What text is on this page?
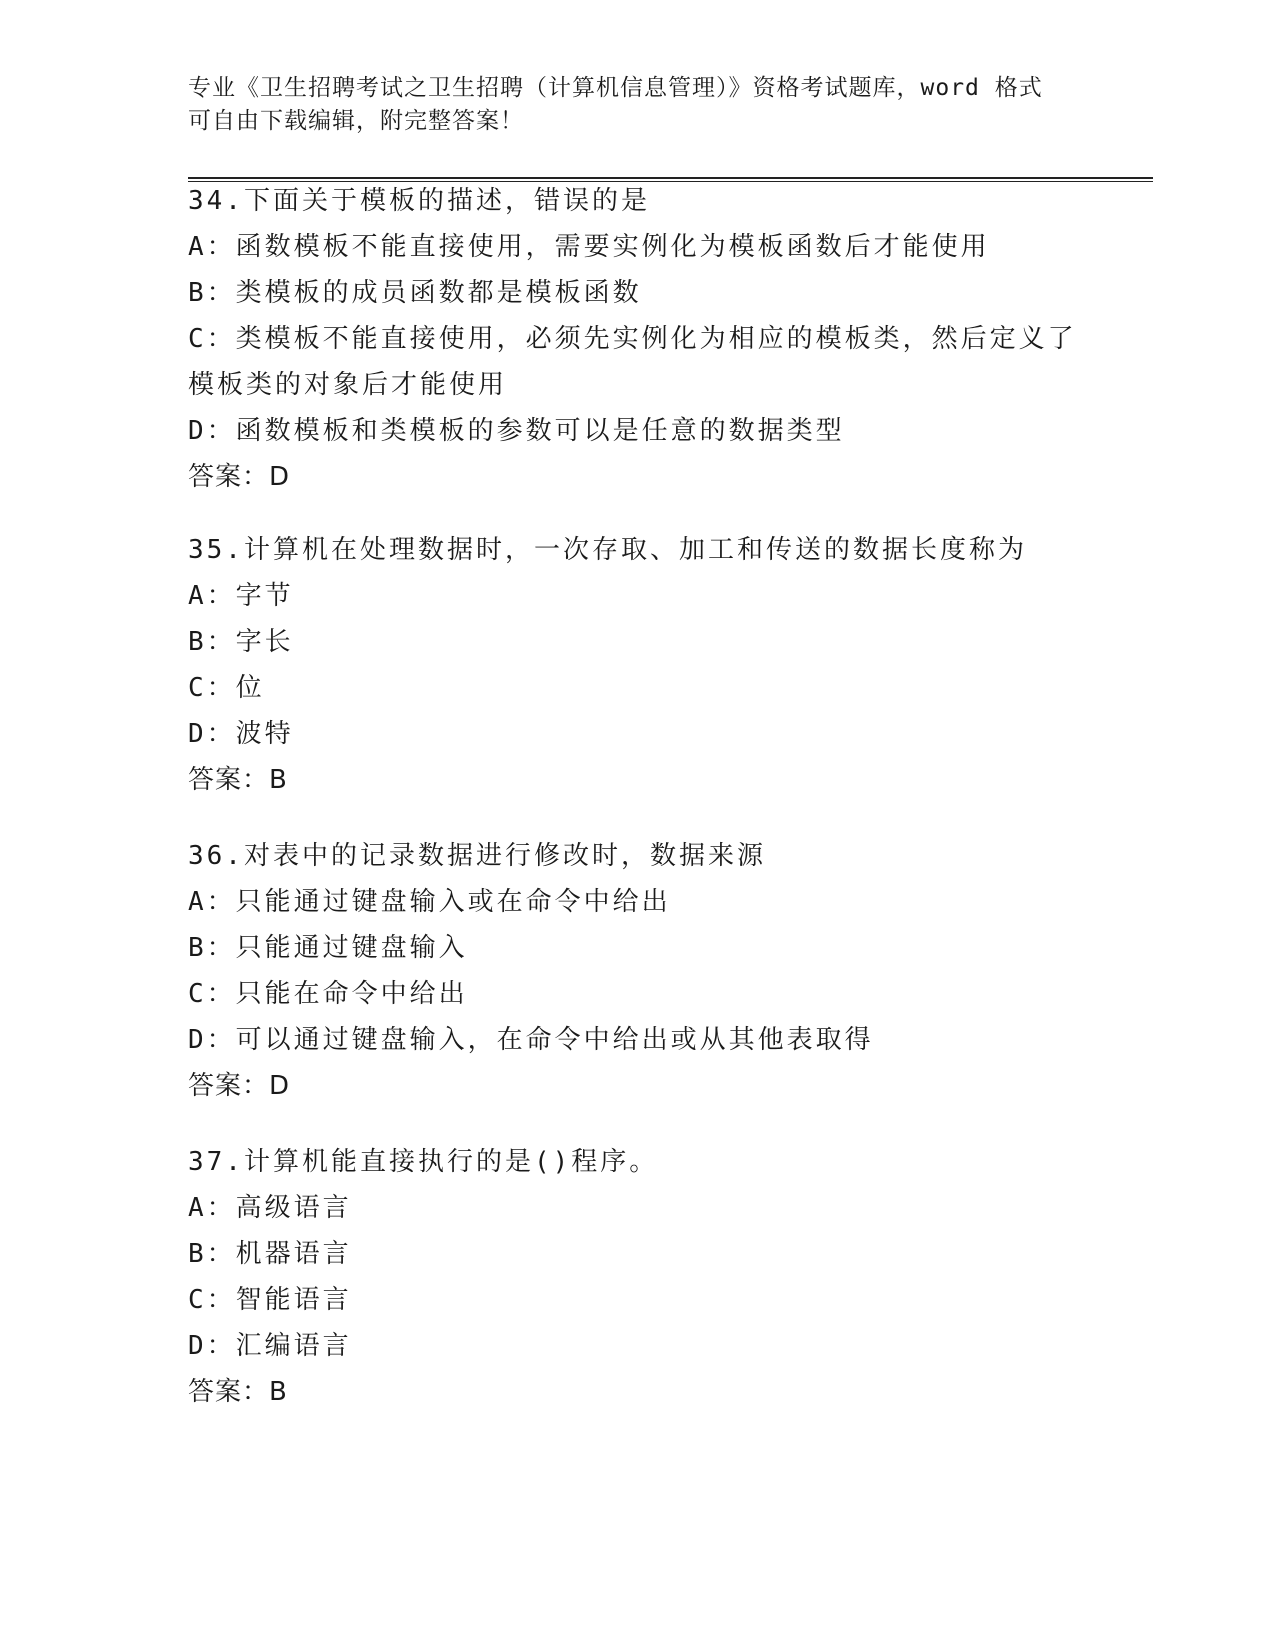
专业《卫生招聘考试之卫生招聘（计算机信息管理）》资格考试题库，word 格式
可自由下载编辑，附完整答案！
34.下面关于模板的描述，错误的是
A：函数模板不能直接使用，需要实例化为模板函数后才能使用
B：类模板的成员函数都是模板函数
C：类模板不能直接使用，必须先实例化为相应的模板类，然后定义了
模板类的对象后才能使用
D：函数模板和类模板的参数可以是任意的数据类型
答案：D
35.计算机在处理数据时，一次存取、加工和传送的数据长度称为
A：字节
B：字长
C：位
D：波特
答案：B
36.对表中的记录数据进行修改时，数据来源
A：只能通过键盘输入或在命令中给出
B：只能通过键盘输入
C：只能在命令中给出
D：可以通过键盘输入，在命令中给出或从其他表取得
答案：D
37.计算机能直接执行的是()程序。
A：高级语言
B：机器语言
C：智能语言
D：汇编语言
答案：B
